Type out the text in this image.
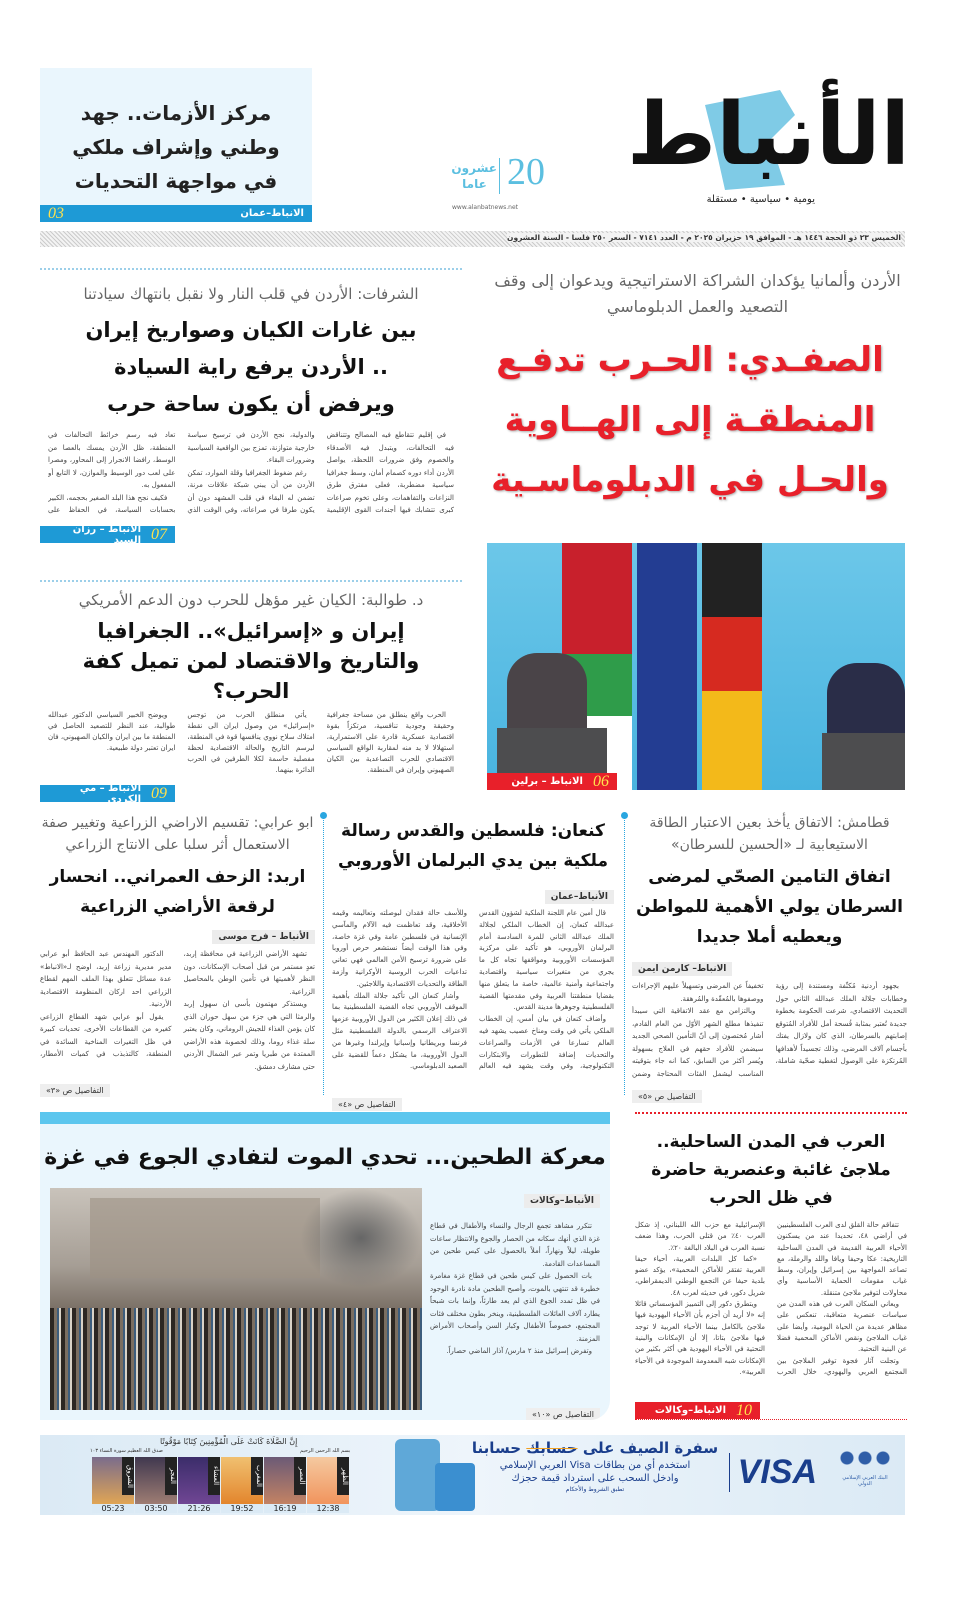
الأنباط
يومية • سياسية • مستقلة
20
عشرون عاما
www.alanbatnews.net
مركز الأزمات.. جهد وطني وإشراف ملكي في مواجهة التحديات
الانباط–عمان
03
الخميس ٢٣ ذو الحجة ١٤٤٦ هـ - الموافق ١٩ حزيران ٢٠٢٥ م - العدد ٧١٤١ - السعر ٢٥٠ فلسا - السنة العشرون
الأردن وألمانيا يؤكدان الشراكة الاستراتيجية ويدعوان إلى وقف التصعيد والعمل الدبلوماسي
الصفـدي: الحـرب تدفـع
المنطقـة إلى الهــاوية
والحـل في الدبلوماسـية
06
الانباط – برلين
الشرفات: الأردن في قلب النار ولا نقبل بانتهاك سيادتنا
بين غارات الكيان وصواريخ إيران .. الأردن يرفع راية السيادة ويرفض أن يكون ساحة حرب

في إقليم تتقاطع فيه المصالح وتتناقض فيه التحالفات، ويتبدل فيه الأصدقاء والخصوم وفق ضرورات اللحظة، يواصل الأردن أداء دوره كصمام أمان، وسط جغرافيا سياسية مضطربة، فعلى مفترق طرق النزاعات والتفاهمات، وعلى تخوم صراعات كبرى تتشابك فيها أجندات القوى الإقليمية والدولية، نجح الأردن في ترسيخ سياسة خارجية متوازنة، تمزج بين الواقعية السياسية وضرورات البقاء.

رغم ضغوط الجغرافيا وقلة الموارد، تمكن الأردن من أن يبني شبكة علاقات مرنة، تضمن له البقاء في قلب المشهد دون أن يكون طرفا في صراعاته، وفي الوقت الذي تعاد فيه رسم خرائط التحالفات في المنطقة، ظل الأردن يمسك بالعصا من الوسط، رافضا الانجرار إلى المحاور، ومصرا على لعب دور الوسيط والموازن، لا التابع أو المفعول به.

فكيف نجح هذا البلد الصغير بحجمه، الكبير بحسابات السياسة، في الحفاظ على

07
الانباط – رزان السيد
د. طوالبة: الكيان غير مؤهل للحرب دون الدعم الأمريكي
إيران و «إسرائيل».. الجغرافيا والتاريخ والاقتصاد لمن تميل كفة الحرب؟

الحرب واقع ينطلق من مساحة جغرافية وحقيقة وجودية تنافسية، مرتكزاً بقوة اقتصادية عسكرية قادرة على الاستمرارية، استهلالا لا بد منه لمقاربة الواقع السياسي الاقتصادي للحرب التصاعدية بين الكيان الصهيوني وإيران في المنطقة.

يأتي منطلق الحرب من توجس «إسرائيل» من وصول ايران الى نقطة امتلاك سلاح نووي ينافسها قوة في المنطقة، ليرسم التاريخ والحالة الاقتصادية لحظة مفصلية حاسمة لكلا الطرفين في الحرب الدائرة بينهما.

ويوضح الخبير السياسي الدكتور عبدالله طوالبة، عند النظر للتصعيد الحاصل في المنطقة ما بين ايران والكيان الصهيوني، فان ايران تعتبر دولة طبيعية.

09
الانباط – مي الكردي
قطامش: الاتفاق يأخذ بعين الاعتبار الطاقة الاستيعابية لـ «الحسين للسرطان»
اتفاق التامين الصحّي لمرضى السرطان يولي الأهمية للمواطن ويعطيه أملا جديدا
الانباط– كارمن ايمن

بجهود أردنية مُكثّفة ومستندة إلى رؤية وخطابات جلالة الملك عبدالله الثاني حول التحديث الاقتصادي، شرعت الحكومة بخطوة جديدة تُعتبر بمثابة فُسحة أمل للأفراد المُتوقع إصابتهم بالسرطان، الذي كان ولازال يفتك بأجسام آلاف المرضى، وذلك تجسيداً لأهدافها المُرتكزة على الوصول لتغطية صحّية شاملة، تخفيفاً عن المرضى وتسهيلاً عليهم الإجراءات ووصفوها بالمُعقّدة والمُرهقة.

وبالتزامن مع عقد الاتفاقية التي سيبدأ تنفيذها مطلع الشهر الأوّل من العام القادم، أشار مُختصون إلى أنّ التأمين الصحي الجديد سيضمن للأفراد حقهم في العلاج بسهولة ويُسر أكثر من السابق، كما انه جاء بتوقيته المناسب ليشمل الفئات المحتاجة وضمن

التفاصيل ص «٥»
كنعان: فلسطين والقدس رسالة ملكية بين يدي البرلمان الأوروبي
الأنباط–عمان

قال أمين عام اللجنة الملكية لشؤون القدس عبدالله كنعان، إن الخطاب الملكي لجلالة الملك عبدالله الثاني للمرة السادسة أمام البرلمان الأوروبي، هو تأكيد على مركزية المؤسسات الأوروبية ومواقفها تجاه كل ما يجري من متغيرات سياسية واقتصادية واجتماعية وأمنية عالمية، خاصة ما يتعلق منها بقضايا منطقتنا العربية وفي مقدمتها القضية الفلسطينية وجوهرها مدينة القدس.

وأضاف كنعان في بيان أمس، إن الخطاب الملكي يأتي في وقت ومناخ عصيب يشهد فيه العالم تسارعا في الأزمات والصراعات والتحديات إضافة للتطورات والابتكارات التكنولوجية، وفي وقت يشهد فيه العالم وللأسف حالة فقدان لبوصلته وتعاليمه وقيمه الأخلاقية، وقد تعاظمت فيه الآلام والمآسي الإنسانية في فلسطين عامة وفي غزة خاصة، وفي هذا الوقت أيضاً نستشعر حرص أوروبا على ضرورة ترسيخ الأمن العالمي فهي تعاني تداعيات الحرب الروسية الأوكرانية وأزمة الطاقة والتحديات الاقتصادية واللاجئين.

وأشار كنعان الى تأكيد جلالة الملك بأهمية الموقف الأوروبي تجاه القضية الفلسطينية بما في ذلك إعلان الكثير من الدول الأوروبية عزمها الاعتراف الرسمي بالدولة الفلسطينية مثل فرنسا وبريطانيا وإسبانيا وإيرلندا وغيرها من الدول الأوروبية، ما يشكل دعماً للقضية على الصعيد الدبلوماسي.

التفاصيل ص «٤»
ابو عرابي: تقسيم الاراضي الزراعية وتغيير صفة الاستعمال أثر سلبا على الانتاج الزراعي
اربد: الزحف العمراني.. انحسار لرقعة الأراضي الزراعية
الأنباط – فرح موسى

تشهد الأراضي الزراعية في محافظة إربد، تعدٍ مستمر من قبل أصحاب الإسكانات، دون النظر لأهميتها في تأمين الوطن بالمحاصيل الزراعية.

ويستذكر مهتمون بأسى ان سهول إربد والرمثا التي هي جزء من سهل حوران الذي كان يؤمن الغذاء للجيش الروماني، وكان يعتبر سلة غذاء روما، وذلك لخصوبة هذه الأراضي الممتدة من طبريا وتمر عبر الشمال الأردني حتى مشارف دمشق.

الدكتور المهندس عبد الحافظ أبو عرابي مدير مديرية زراعة إربد، اوضح لـ«الانباط» عدة مسائل تتعلق بهذا الملف المهم لقطاع الزراعي احد اركان المنظومة الاقتصادية الأردنية.

يقول أبو عرابي شهد القطاع الزراعي كغيره من القطاعات الأخرى، تحديات كبيرة في ظل التغيرات المناخية السائدة في المنطقة، كالتذبذب في كميات الأمطار،

التفاصيل ص «٣»
معركة الطحين... تحدي الموت لتفادي الجوع في غزة
الأنباط–وكالات

تتكرر مشاهد تجمع الرجال والنساء والأطفال في قطاع غزة الذي أنهك سكانه من الحصار والجوع والانتظار ساعات طويلة، ليلاً ونهاراً، أملاً بالحصول على كيس طحين من المساعدات القادمة.

بات الحصول على كيس طحين في قطاع غزة مغامرة خطيرة قد تنتهي بالموت، وأصبح الطحين مادة نادرة الوجود في ظل تمدد الجوع الذي لم يعد طارئاً، وإنما بات شبحاً يطارد آلاف العائلات الفلسطينية، وينخر بطون مختلف فئات المجتمع، خصوصاً الأطفال وكبار السن وأصحاب الأمراض المزمنة.

وتفرض إسرائيل منذ ٢ مارس/ آذار الماضي حصاراً.

التفاصيل ص «١٠»
العرب في المدن الساحلية.. ملاجئ غائبة وعنصرية حاضرة في ظل الحرب

تتفاقم حالة القلق لدى العرب الفلسطينيين في أراضي ٤٨، تحديدا عند من يسكنون الأحياء العربية القديمة في المدن الساحلية التاريخية: عكا وحيفا ويافا واللد والرملة، مع تصاعد المواجهة بين إسرائيل وإيران، وسط غياب مقومات الحماية الأساسية وأي محاولات لتوفير ملاجئ متنقلة.

ويعاني السكان العرب في هذه المدن من سياسات عنصرية متعاقبة، تنعكس على مظاهر عديدة من الحياة اليومية، وأيضا على غياب الملاجئ ونقص الأماكن المحمية فضلا عن البنية التحتية.

وتجلت آثار فجوة توفير الملاجئ بين المجتمع العربي واليهودي، خلال الحرب الإسرائيلية مع حزب الله اللبناني، إذ شكل العرب ٤٠٪ من قتلى الحرب، وهذا ضعف نسبة العرب في البلاد البالغة ٢٠٪.

«كما كل البلدات العربية، أحياء حيفا العربية تفتقر للأماكن المحمية»، يؤكد عضو بلدية حيفا عن التجمع الوطني الديمقراطي، شريل دكور، في حديثه لعرب ٤٨.

ويتطرق دكور إلى التمييز المؤسساتي قائلا إنه «لا أريد أن أجزم بأن الأحياء اليهودية فيها ملاجئ بالكامل بينما الأحياء العربية لا توجد فيها ملاجئ بتاتا، إلا أن الإمكانات والبنية التحتية في الأحياء اليهودية هي أكثر بكثير من الإمكانات شبه المعدومة الموجودة في الأحياء العربية».

10
الانباط–وكالات
البنك العربي الإسلامي الدولي
VISA
سفرة الصيف على حسابك حسابنا
استخدم أي من بطاقات Visa العربي الإسلامي
وادخل السحب على استرداد قيمة حجزك
تطبق الشروط والأحكام
إِنَّ الصَّلَاةَ كَانَتْ عَلَى الْمُؤْمِنِينَ كِتَابًا مَوْقُوتًا
بسم الله الرحمن الرحيم
صدق الله العظيم سورة النساء ١٠٣
الشروق
05:23
الفجر
03:50
العشاء
21:26
المغرب
19:52
العصر
16:19
الظهر
12:38
